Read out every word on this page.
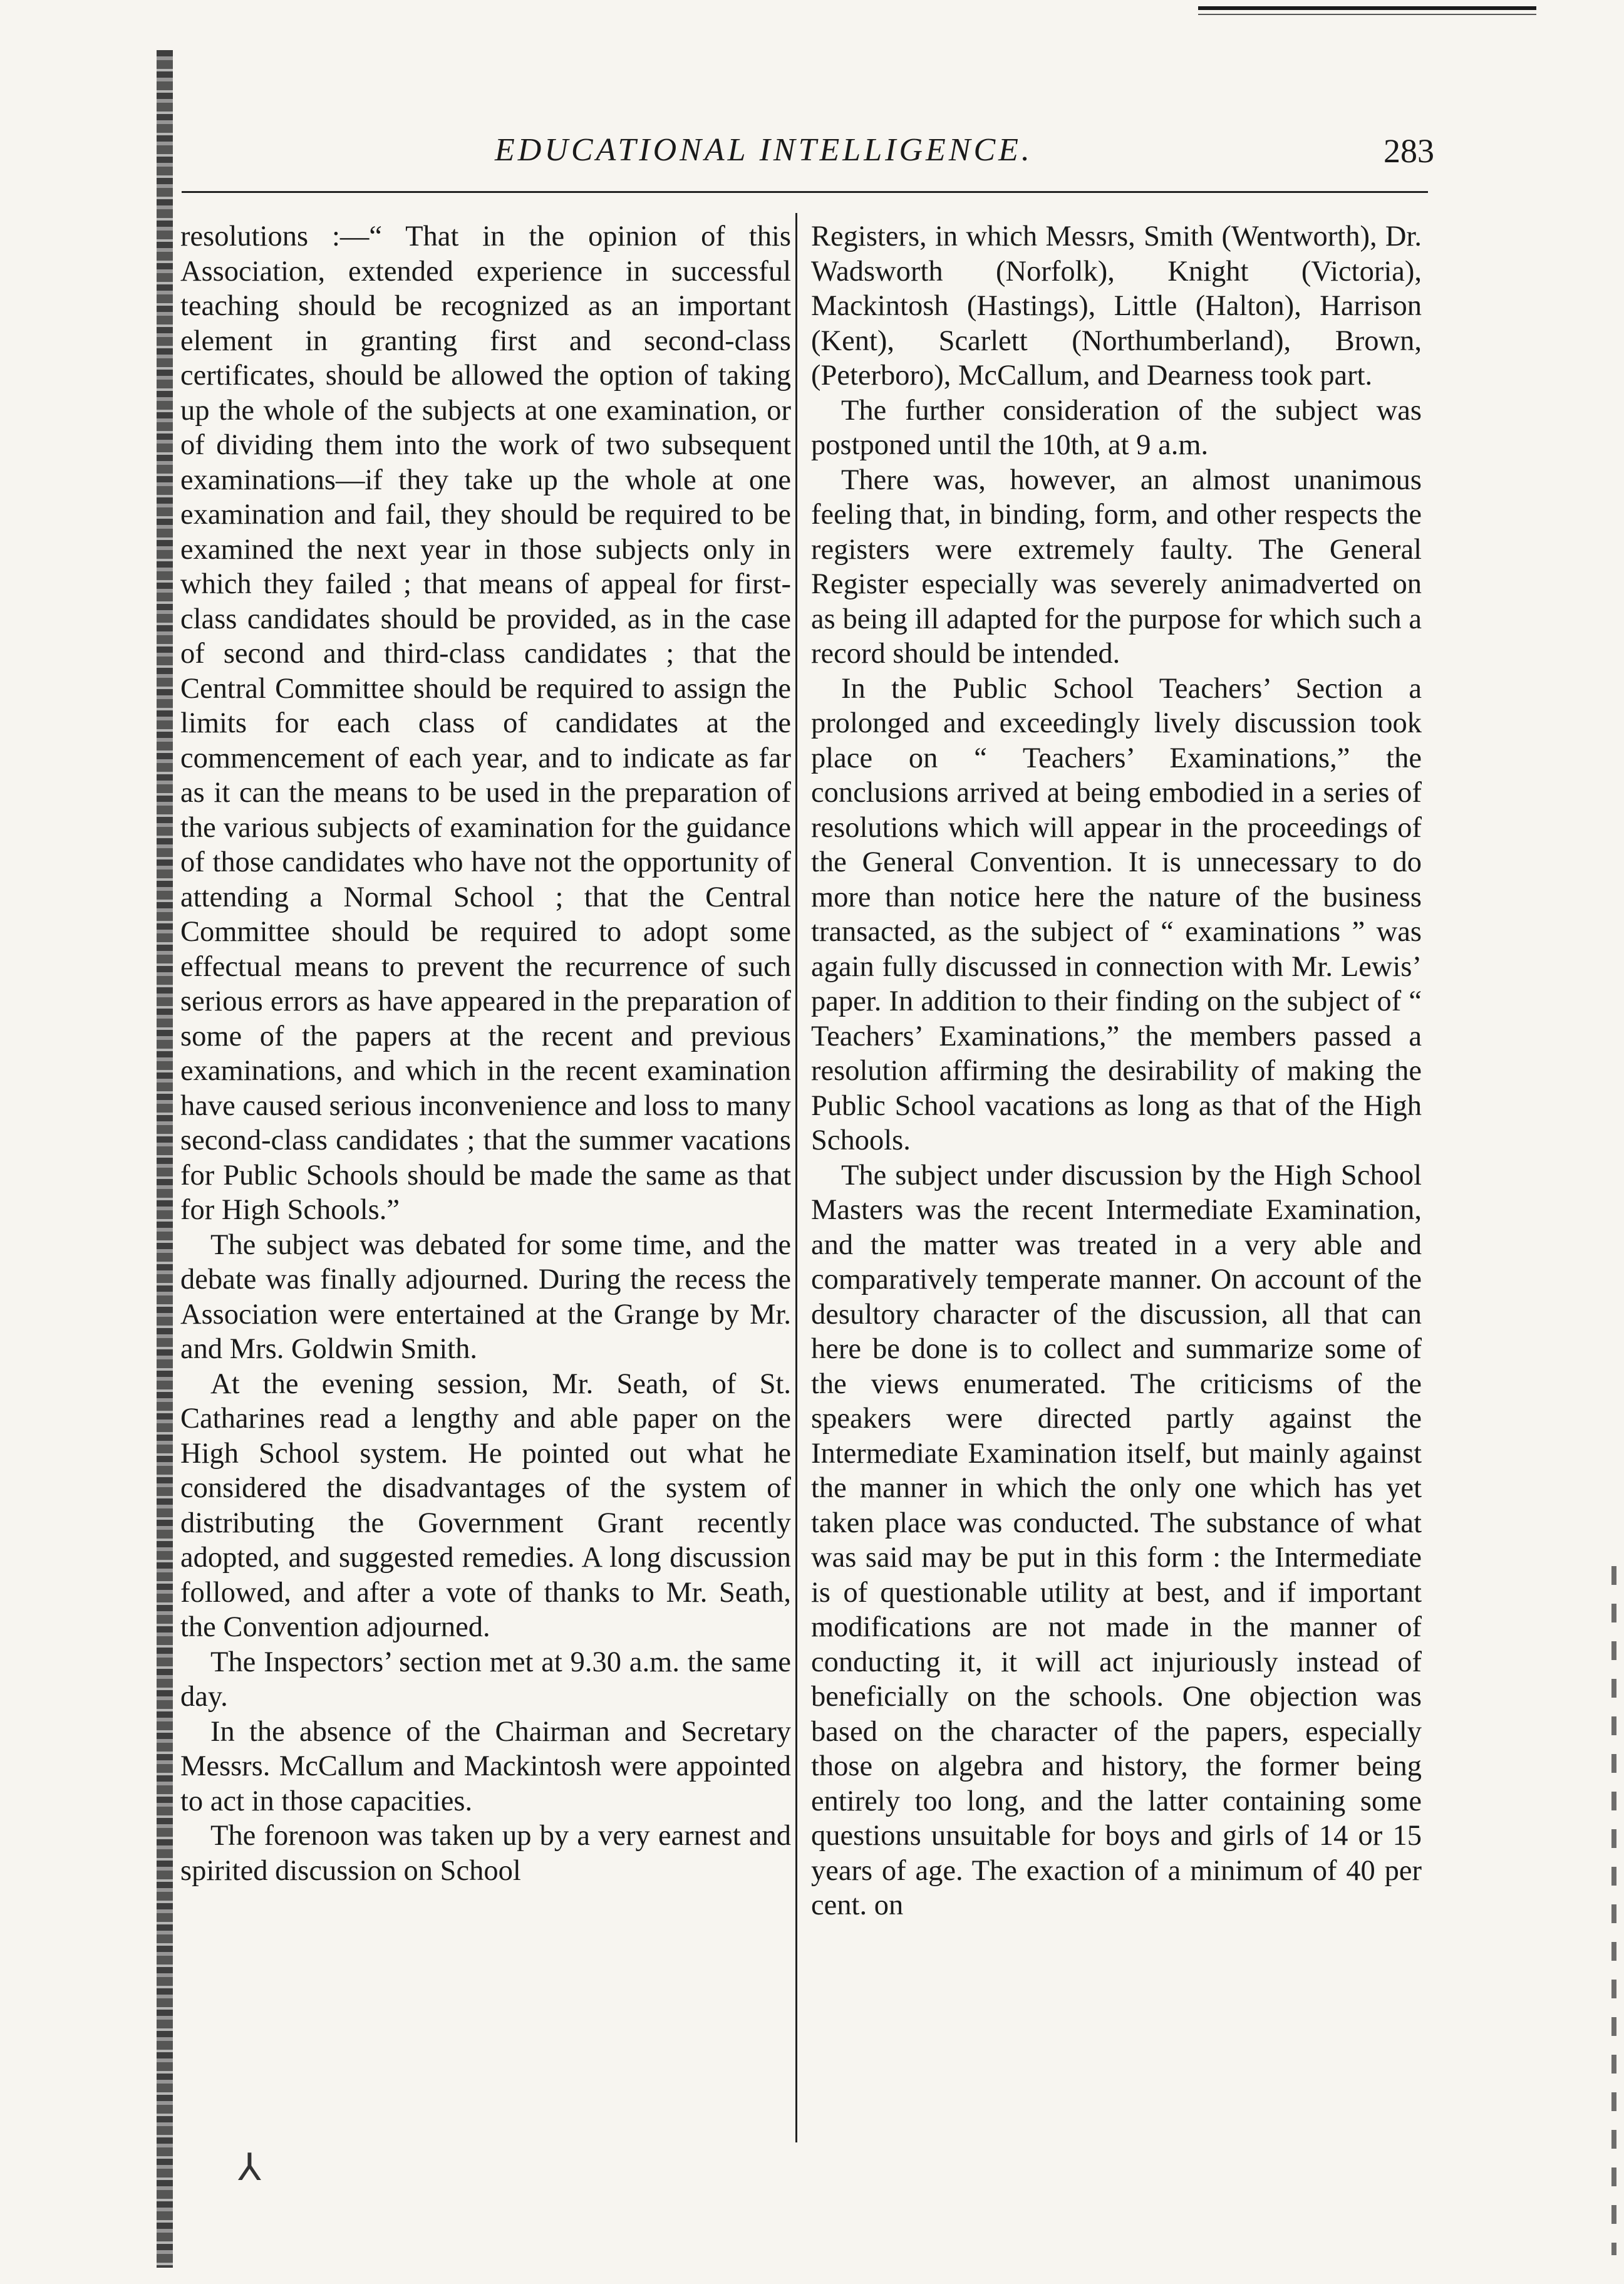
⅄
EDUCATIONAL INTELLIGENCE.	283

resolutions :—“ That in the opinion of this Association, extended experience in successful teaching should be recognized as an important element in granting first and second-class certificates, should be allowed the option of taking up the whole of the subjects at one examination, or of dividing them into the work of two subsequent examinations—if they take up the whole at one examination and fail, they should be required to be examined the next year in those subjects only in which they failed ; that means of appeal for first-class candidates should be provided, as in the case of second and third-class candidates ; that the Central Committee should be required to assign the limits for each class of candidates at the commencement of each year, and to indicate as far as it can the means to be used in the preparation of the various subjects of examination for the guidance of those candidates who have not the opportunity of attending a Normal School ; that the Central Committee should be required to adopt some effectual means to prevent the recurrence of such serious errors as have appeared in the preparation of some of the papers at the recent and previous examinations, and which in the recent examination have caused serious inconvenience and loss to many second-class candidates ; that the summer vacations for Public Schools should be made the same as that for High Schools.”

The subject was debated for some time, and the debate was finally adjourned. During the recess the Association were entertained at the Grange by Mr. and Mrs. Goldwin Smith.

At the evening session, Mr. Seath, of St. Catharines read a lengthy and able paper on the High School system. He pointed out what he considered the disadvantages of the system of distributing the Government Grant recently adopted, and suggested remedies. A long discussion followed, and after a vote of thanks to Mr. Seath, the Convention adjourned.

The Inspectors’ section met at 9.30 a.m. the same day.

In the absence of the Chairman and Secretary Messrs. McCallum and Mackintosh were appointed to act in those capacities.

The forenoon was taken up by a very earnest and spirited discussion on School

Registers, in which Messrs, Smith (Wentworth), Dr. Wadsworth (Norfolk), Knight (Victoria), Mackintosh (Hastings), Little (Halton), Harrison (Kent), Scarlett (Northumberland), Brown, (Peterboro), McCallum, and Dearness took part.

The further consideration of the subject was postponed until the 10th, at 9 a.m.

There was, however, an almost unanimous feeling that, in binding, form, and other respects the registers were extremely faulty. The General Register especially was severely animadverted on as being ill adapted for the purpose for which such a record should be intended.

In the Public School Teachers’ Section a prolonged and exceedingly lively discussion took place on “ Teachers’ Examinations,” the conclusions arrived at being embodied in a series of resolutions which will appear in the proceedings of the General Convention. It is unnecessary to do more than notice here the nature of the business transacted, as the subject of “ examinations ” was again fully discussed in connection with Mr. Lewis’ paper. In addition to their finding on the subject of “ Teachers’ Examinations,” the members passed a resolution affirming the desirability of making the Public School vacations as long as that of the High Schools.

The subject under discussion by the High School Masters was the recent Intermediate Examination, and the matter was treated in a very able and comparatively temperate manner. On account of the desultory character of the discussion, all that can here be done is to collect and summarize some of the views enumerated. The criticisms of the speakers were directed partly against the Intermediate Examination itself, but mainly against the manner in which the only one which has yet taken place was conducted. The substance of what was said may be put in this form : the Intermediate is of questionable utility at best, and if important modifications are not made in the manner of conducting it, it will act injuriously instead of beneficially on the schools. One objection was based on the character of the papers, especially those on algebra and history, the former being entirely too long, and the latter containing some questions unsuitable for boys and girls of 14 or 15 years of age. The exaction of a minimum of 40 per cent. on
